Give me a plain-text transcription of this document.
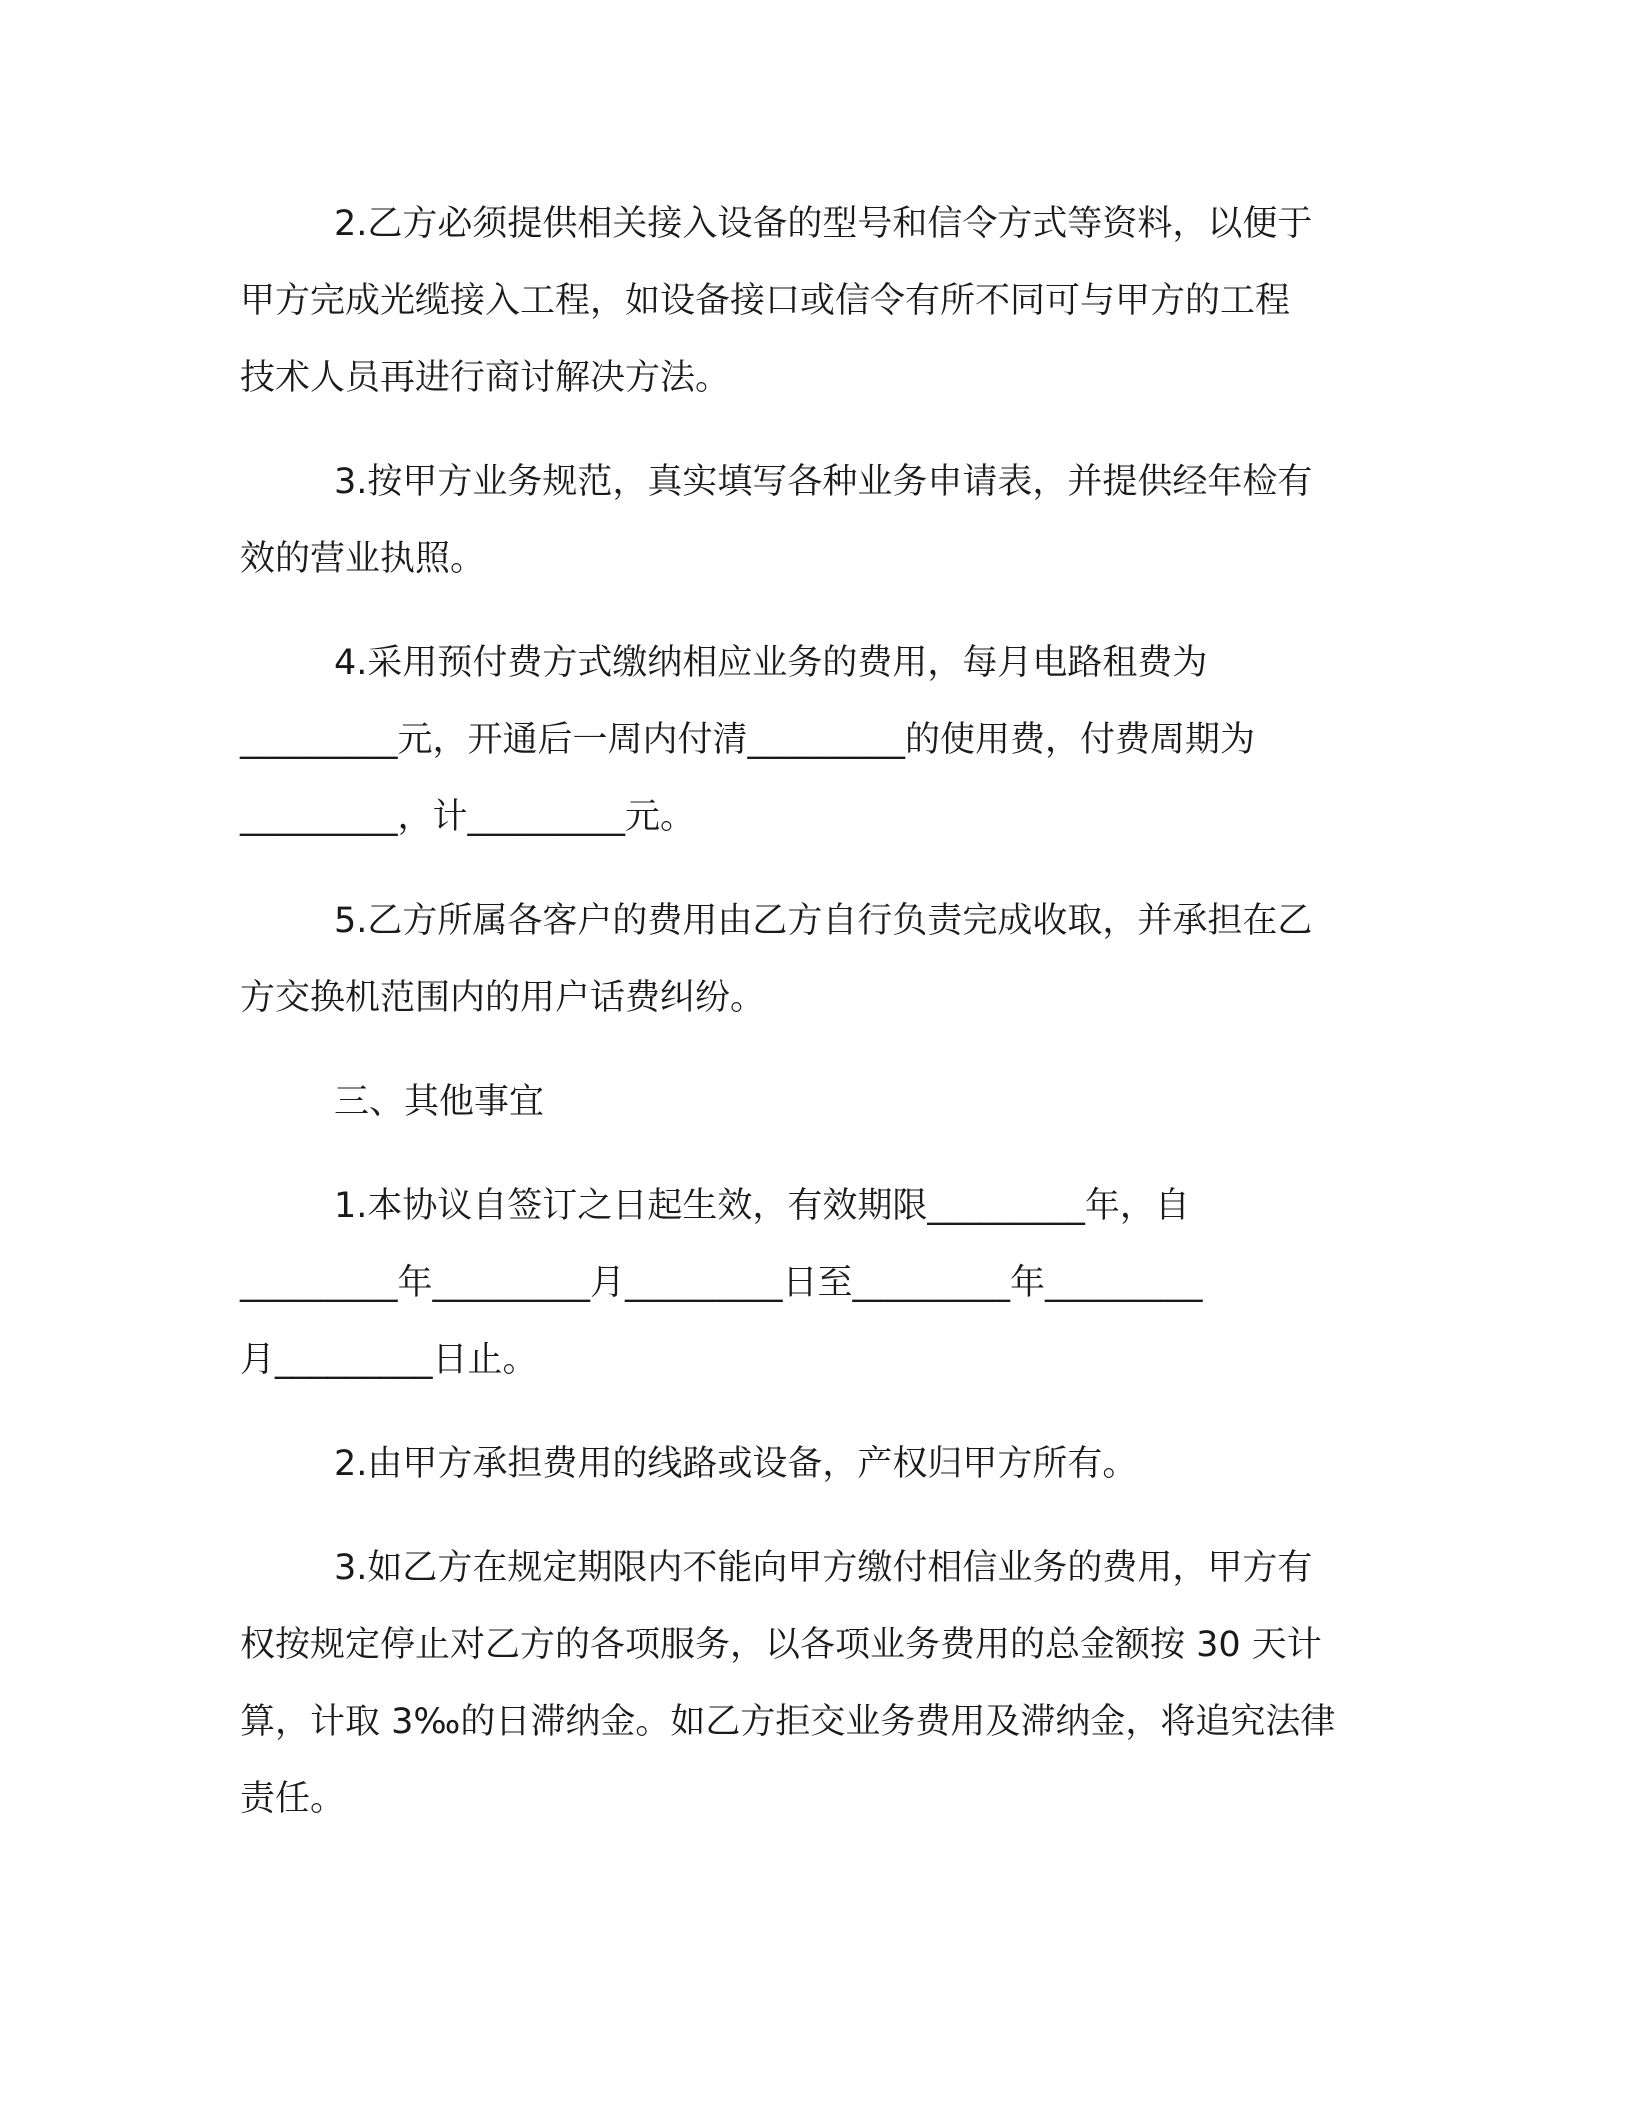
2.乙方必须提供相关接入设备的型号和信令方式等资料，以便于
甲方完成光缆接入工程，如设备接口或信令有所不同可与甲方的工程
技术人员再进行商讨解决方法。

3.按甲方业务规范，真实填写各种业务申请表，并提供经年检有
效的营业执照。

4.采用预付费方式缴纳相应业务的费用，每月电路租费为
_________元，开通后一周内付清_________的使用费，付费周期为
_________，计_________元。

5.乙方所属各客户的费用由乙方自行负责完成收取，并承担在乙
方交换机范围内的用户话费纠纷。

三、其他事宜

1.本协议自签订之日起生效，有效期限_________年，自
_________年_________月_________日至_________年_________
月_________日止。

2.由甲方承担费用的线路或设备，产权归甲方所有。

3.如乙方在规定期限内不能向甲方缴付相信业务的费用，甲方有
权按规定停止对乙方的各项服务，以各项业务费用的总金额按 30 天计
算，计取 3‰的日滞纳金。如乙方拒交业务费用及滞纳金，将追究法律
责任。
